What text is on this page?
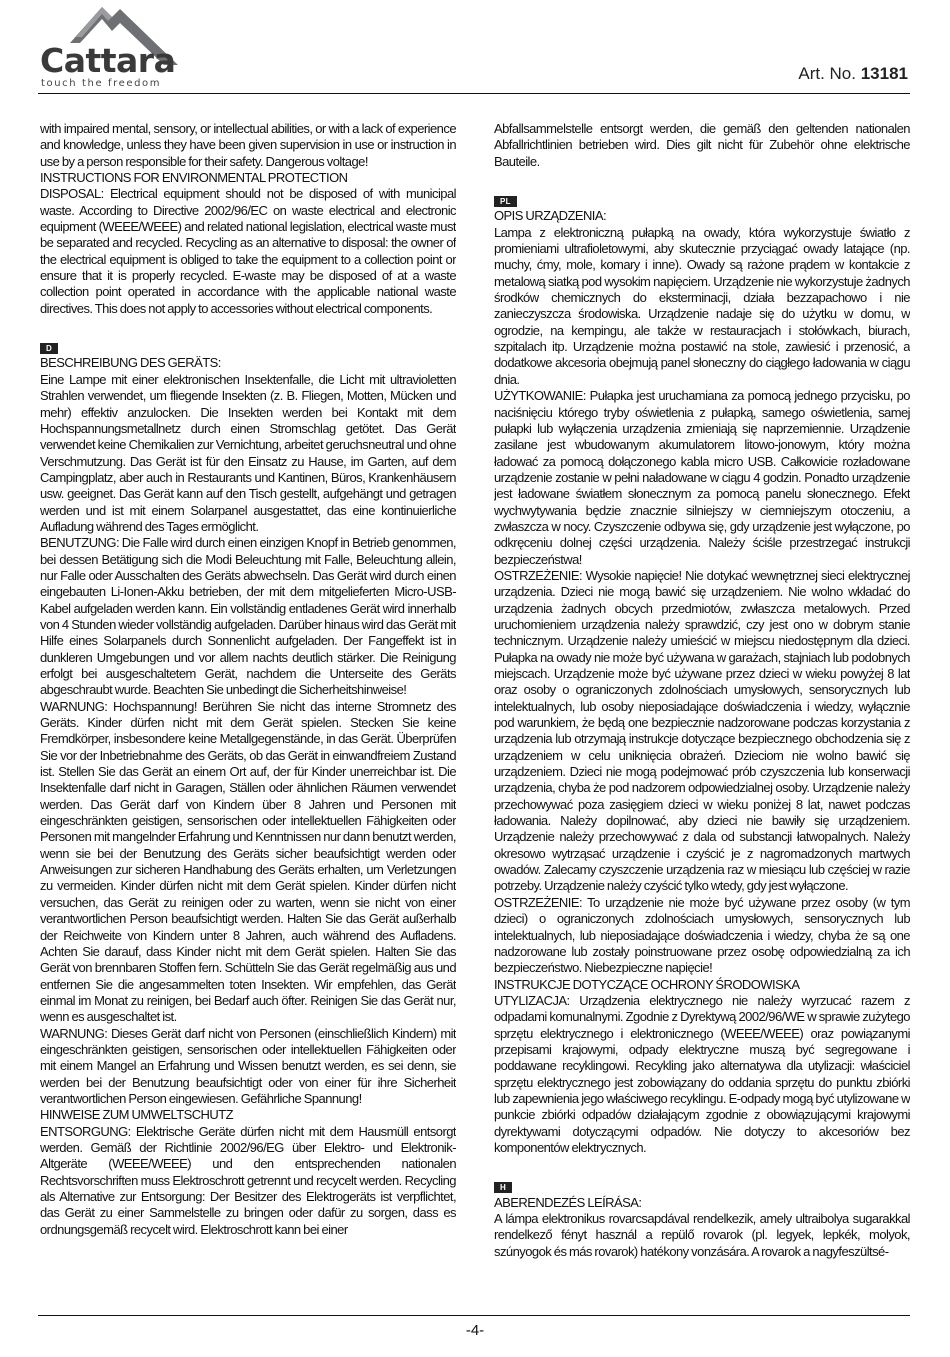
Cattara
touch the freedom
Art. No. 13181

with impaired mental, sensory, or intellectual abilities, or with a lack of experience and knowledge, unless they have been given supervision in use or instruction in use by a person responsible for their safety. Dangerous voltage!

INSTRUCTIONS FOR ENVIRONMENTAL PROTECTION

DISPOSAL: Electrical equipment should not be disposed of with municipal waste. According to Directive 2002/96/EC on waste electrical and electronic equipment (WEEE/WEEE) and related national legislation, electrical waste must be separated and recycled. Recycling as an alternative to disposal: the owner of the electrical equipment is obliged to take the equipment to a collection point or ensure that it is properly recycled. E-waste may be disposed of at a waste collection point operated in accordance with the applicable national waste directives. This does not apply to accessories without electrical components.

D

BESCHREIBUNG DES GERÄTS:

Eine Lampe mit einer elektronischen Insektenfalle, die Licht mit ultravioletten Strahlen verwendet, um fliegende Insekten (z. B. Fliegen, Motten, Mücken und mehr) effektiv anzulocken. Die Insekten werden bei Kontakt mit dem Hochspannungsmetallnetz durch einen Stromschlag getötet. Das Gerät verwendet keine Chemikalien zur Vernichtung, arbeitet geruchsneutral und ohne Verschmutzung. Das Gerät ist für den Einsatz zu Hause, im Garten, auf dem Campingplatz, aber auch in Restaurants und Kantinen, Büros, Krankenhäusern usw. geeignet. Das Gerät kann auf den Tisch gestellt, aufgehängt und getragen werden und ist mit einem Solarpanel ausgestattet, das eine kontinuierliche Aufladung während des Tages ermöglicht.

BENUTZUNG: Die Falle wird durch einen einzigen Knopf in Betrieb genommen, bei dessen Betätigung sich die Modi Beleuchtung mit Falle, Beleuchtung allein, nur Falle oder Ausschalten des Geräts abwechseln. Das Gerät wird durch einen eingebauten Li-Ionen-Akku betrieben, der mit dem mitgelieferten Micro-USB-Kabel aufgeladen werden kann. Ein vollständig entladenes Gerät wird innerhalb von 4 Stunden wieder vollständig aufgeladen. Darüber hinaus wird das Gerät mit Hilfe eines Solarpanels durch Sonnenlicht aufgeladen. Der Fangeffekt ist in dunkleren Umgebungen und vor allem nachts deutlich stärker. Die Reinigung erfolgt bei ausgeschaltetem Gerät, nachdem die Unterseite des Geräts abgeschraubt wurde. Beachten Sie unbedingt die Sicherheitshinweise!

WARNUNG: Hochspannung! Berühren Sie nicht das interne Stromnetz des Geräts. Kinder dürfen nicht mit dem Gerät spielen. Stecken Sie keine Fremdkörper, insbesondere keine Metallgegenstände, in das Gerät. Überprüfen Sie vor der Inbetriebnahme des Geräts, ob das Gerät in einwandfreiem Zustand ist. Stellen Sie das Gerät an einem Ort auf, der für Kinder unerreichbar ist. Die Insektenfalle darf nicht in Garagen, Ställen oder ähnlichen Räumen verwendet werden. Das Gerät darf von Kindern über 8 Jahren und Personen mit eingeschränkten geistigen, sensorischen oder intellektuellen Fähigkeiten oder Personen mit mangelnder Erfahrung und Kenntnissen nur dann benutzt werden, wenn sie bei der Benutzung des Geräts sicher beaufsichtigt werden oder Anweisungen zur sicheren Handhabung des Geräts erhalten, um Verletzungen zu vermeiden. Kinder dürfen nicht mit dem Gerät spielen. Kinder dürfen nicht versuchen, das Gerät zu reinigen oder zu warten, wenn sie nicht von einer verantwortlichen Person beaufsichtigt werden. Halten Sie das Gerät außerhalb der Reichweite von Kindern unter 8 Jahren, auch während des Aufladens. Achten Sie darauf, dass Kinder nicht mit dem Gerät spielen. Halten Sie das Gerät von brennbaren Stoffen fern. Schütteln Sie das Gerät regelmäßig aus und entfernen Sie die angesammelten toten Insekten. Wir empfehlen, das Gerät einmal im Monat zu reinigen, bei Bedarf auch öfter. Reinigen Sie das Gerät nur, wenn es ausgeschaltet ist.

WARNUNG: Dieses Gerät darf nicht von Personen (einschließlich Kindern) mit eingeschränkten geistigen, sensorischen oder intellektuellen Fähigkeiten oder mit einem Mangel an Erfahrung und Wissen benutzt werden, es sei denn, sie werden bei der Benutzung beaufsichtigt oder von einer für ihre Sicherheit verantwortlichen Person eingewiesen. Gefährliche Spannung!

HINWEISE ZUM UMWELTSCHUTZ

ENTSORGUNG: Elektrische Geräte dürfen nicht mit dem Hausmüll entsorgt werden. Gemäß der Richtlinie 2002/96/EG über Elektro- und Elektronik-Altgeräte (WEEE/WEEE) und den entsprechenden nationalen Rechtsvorschriften muss Elektroschrott getrennt und recycelt werden. Recycling als Alternative zur Entsorgung: Der Besitzer des Elektrogeräts ist verpflichtet, das Gerät zu einer Sammelstelle zu bringen oder dafür zu sorgen, dass es ordnungsgemäß recycelt wird. Elektroschrott kann bei einer

Abfallsammelstelle entsorgt werden, die gemäß den geltenden nationalen Abfallrichtlinien betrieben wird. Dies gilt nicht für Zubehör ohne elektrische Bauteile.

PL

OPIS URZĄDZENIA:

Lampa z elektroniczną pułapką na owady, która wykorzystuje światło z promieniami ultrafioletowymi, aby skutecznie przyciągać owady latające (np. muchy, ćmy, mole, komary i inne). Owady są rażone prądem w kontakcie z metalową siatką pod wysokim napięciem. Urządzenie nie wykorzystuje żadnych środków chemicznych do eksterminacji, działa bezzapachowo i nie zanieczyszcza środowiska. Urządzenie nadaje się do użytku w domu, w ogrodzie, na kempingu, ale także w restauracjach i stołówkach, biurach, szpitalach itp. Urządzenie można postawić na stole, zawiesić i przenosić, a dodatkowe akcesoria obejmują panel słoneczny do ciągłego ładowania w ciągu dnia.

UŻYTKOWANIE: Pułapka jest uruchamiana za pomocą jednego przycisku, po naciśnięciu którego tryby oświetlenia z pułapką, samego oświetlenia, samej pułapki lub wyłączenia urządzenia zmieniają się naprzemiennie. Urządzenie zasilane jest wbudowanym akumulatorem litowo-jonowym, który można ładować za pomocą dołączonego kabla micro USB. Całkowicie rozładowane urządzenie zostanie w pełni naładowane w ciągu 4 godzin. Ponadto urządzenie jest ładowane światłem słonecznym za pomocą panelu słonecznego. Efekt wychwytywania będzie znacznie silniejszy w ciemniejszym otoczeniu, a zwłaszcza w nocy. Czyszczenie odbywa się, gdy urządzenie jest wyłączone, po odkręceniu dolnej części urządzenia. Należy ściśle przestrzegać instrukcji bezpieczeństwa!

OSTRZEŻENIE: Wysokie napięcie! Nie dotykać wewnętrznej sieci elektrycznej urządzenia. Dzieci nie mogą bawić się urządzeniem. Nie wolno wkładać do urządzenia żadnych obcych przedmiotów, zwłaszcza metalowych. Przed uruchomieniem urządzenia należy sprawdzić, czy jest ono w dobrym stanie technicznym. Urządzenie należy umieścić w miejscu niedostępnym dla dzieci. Pułapka na owady nie może być używana w garażach, stajniach lub podobnych miejscach. Urządzenie może być używane przez dzieci w wieku powyżej 8 lat oraz osoby o ograniczonych zdolnościach umysłowych, sensorycznych lub intelektualnych, lub osoby nieposiadające doświadczenia i wiedzy, wyłącznie pod warunkiem, że będą one bezpiecznie nadzorowane podczas korzystania z urządzenia lub otrzymają instrukcje dotyczące bezpiecznego obchodzenia się z urządzeniem w celu uniknięcia obrażeń. Dzieciom nie wolno bawić się urządzeniem. Dzieci nie mogą podejmować prób czyszczenia lub konserwacji urządzenia, chyba że pod nadzorem odpowiedzialnej osoby. Urządzenie należy przechowywać poza zasięgiem dzieci w wieku poniżej 8 lat, nawet podczas ładowania. Należy dopilnować, aby dzieci nie bawiły się urządzeniem. Urządzenie należy przechowywać z dala od substancji łatwopalnych. Należy okresowo wytrząsać urządzenie i czyścić je z nagromadzonych martwych owadów. Zalecamy czyszczenie urządzenia raz w miesiącu lub częściej w razie potrzeby. Urządzenie należy czyścić tylko wtedy, gdy jest wyłączone.

OSTRZEŻENIE: To urządzenie nie może być używane przez osoby (w tym dzieci) o ograniczonych zdolnościach umysłowych, sensorycznych lub intelektualnych, lub nieposiadające doświadczenia i wiedzy, chyba że są one nadzorowane lub zostały poinstruowane przez osobę odpowiedzialną za ich bezpieczeństwo. Niebezpieczne napięcie!

INSTRUKCJE DOTYCZĄCE OCHRONY ŚRODOWISKA

UTYLIZACJA: Urządzenia elektrycznego nie należy wyrzucać razem z odpadami komunalnymi. Zgodnie z Dyrektywą 2002/96/WE w sprawie zużytego sprzętu elektrycznego i elektronicznego (WEEE/WEEE) oraz powiązanymi przepisami krajowymi, odpady elektryczne muszą być segregowane i poddawane recyklingowi. Recykling jako alternatywa dla utylizacji: właściciel sprzętu elektrycznego jest zobowiązany do oddania sprzętu do punktu zbiórki lub zapewnienia jego właściwego recyklingu. E-odpady mogą być utylizowane w punkcie zbiórki odpadów działającym zgodnie z obowiązującymi krajowymi dyrektywami dotyczącymi odpadów. Nie dotyczy to akcesoriów bez komponentów elektrycznych.

H

ABERENDEZÉS LEÍRÁSA:

A lámpa elektronikus rovarcsapdával rendelkezik, amely ultraibolya sugarakkal rendelkező fényt használ a repülő rovarok (pl. legyek, lepkék, molyok, szúnyogok és más rovarok) hatékony vonzására. A rovarok a nagyfeszültsé-

-4-
